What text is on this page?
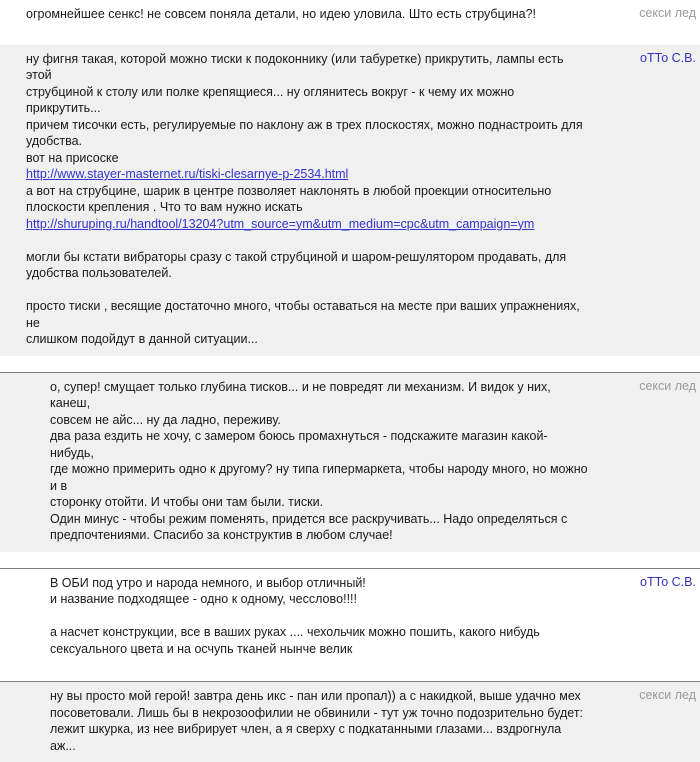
огромнейшее сенкс! не совсем поняла детали, но идею уловила. Што есть струбцина?!	секси лед
ну фигня такая, которой можно тиски к подоконнику (или табуретке) прикрутить, лампы есть этой
струбциной к столу или полке крепящиеся... ну оглянитесь вокруг - к чему их можно прикрутить...
причем тисочки есть, регулируемые по наклону аж в трех плоскостях, можно поднастроить для
удобства.
вот на присоске
http://www.stayer-masternet.ru/tiski-clesarnye-p-2534.html
а вот на струбцине, шарик в центре позволяет наклонять в любой проекции относительно
плоскости крепления . Что то вам нужно искать
http://shuruping.ru/handtool/13204?utm_source=ym&utm_medium=cpc&utm_campaign=ym
могли бы кстати вибраторы сразу с такой струбциной и шаром-решулятором продавать, для
удобства пользователей.
просто тиски , весящие достаточно много, чтобы оставаться на месте при ваших упражнениях, не
слишком подойдут в данной ситуации...
оТТо С.В.
о, супер! смущает только глубина тисков... и не повредят ли механизм. И видок у них, канеш,
совсем не айс... ну да ладно, переживу.
два раза ездить не хочу, с замером боюсь промахнуться - подскажите магазин какой-нибудь,
где можно примерить одно к другому? ну типа гипермаркета, чтобы народу много, но можно и в
сторонку отойти. И чтобы они там были. тиски.
Один минус - чтобы режим поменять, придется все раскручивать... Надо определяться с
предпочтениями. Спасибо за конструктив в любом случае!
секси лед
В ОБИ под утро и народа немного, и выбор отличный!
и название подходящее - одно к одному, чессловo!!!!
а насчет конструкции, все в ваших руках .... чехольчик можно пошить, какого нибудь
сексуального цвета и на осчупь тканей нынче велик
оТТо С.В.
ну вы просто мой герой! завтра день икс - пан или пропал)) а с накидкой, выше удачно мех
посоветовали. Лишь бы в некрозоофилии не обвинили - тут уж точно подозрительно будет:
лежит шкурка, из нее вибрирует член, а я сверху с подкатанными глазами... вздрогнула аж...
секси лед
